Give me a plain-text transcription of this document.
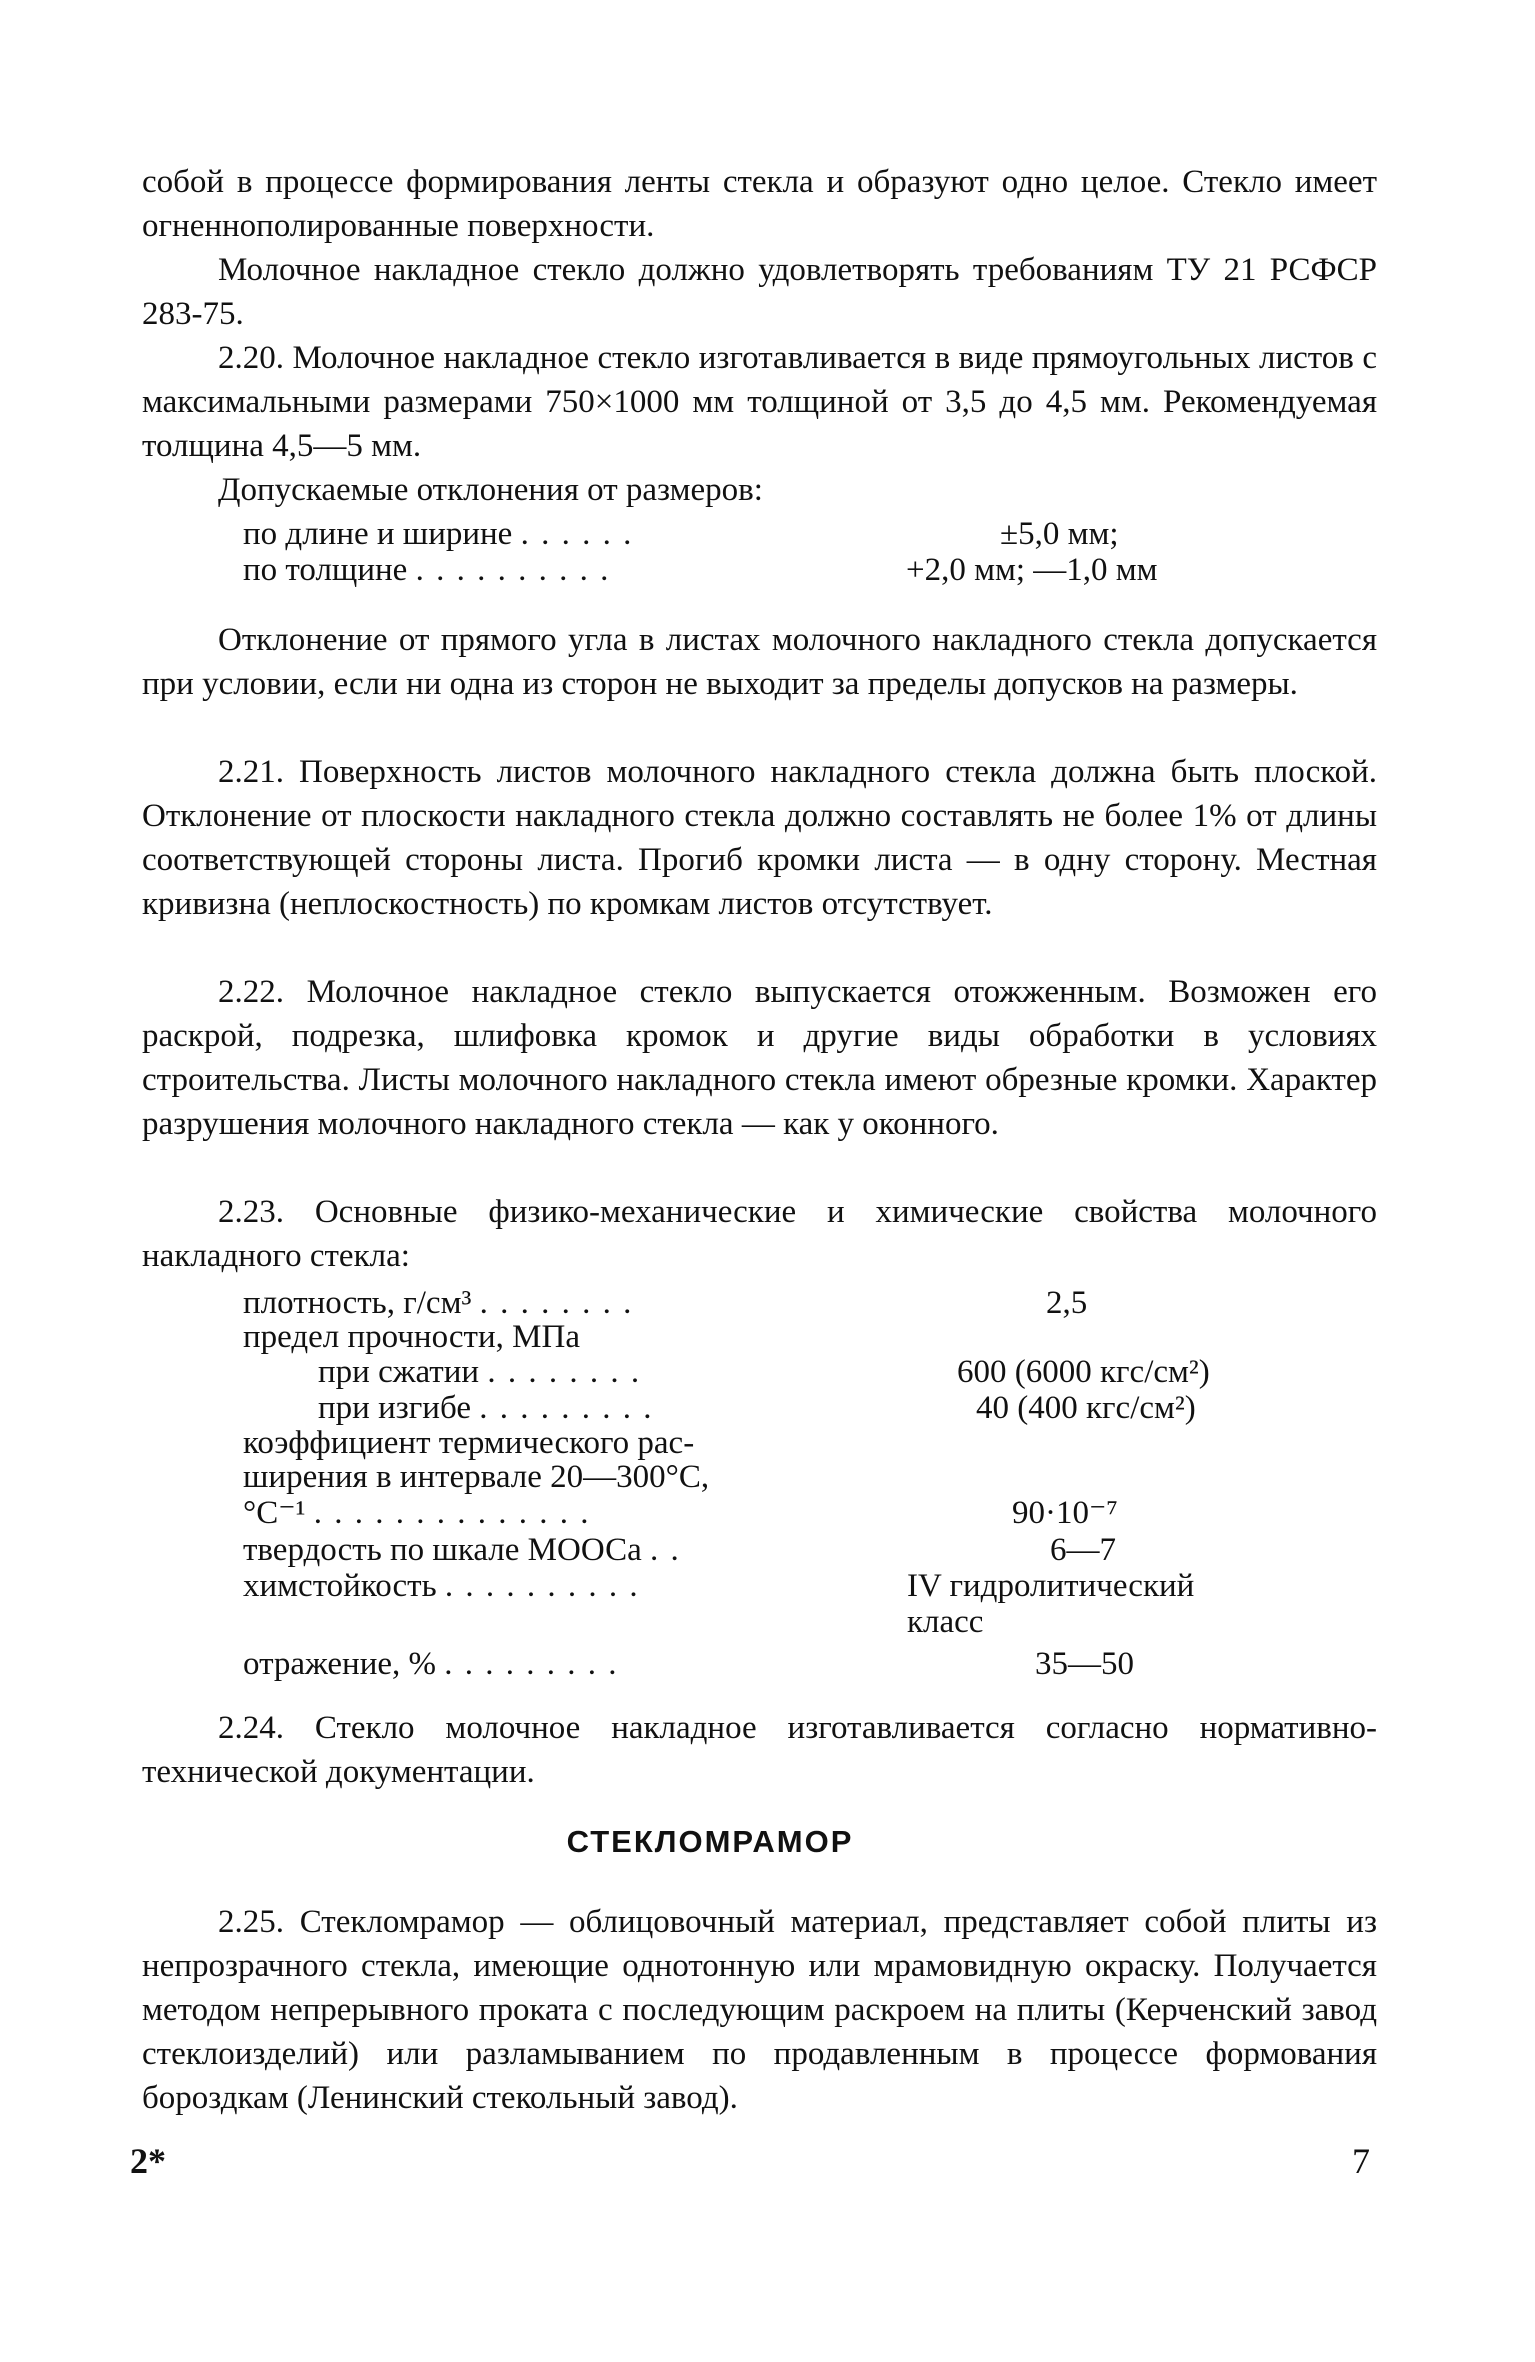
собой в процессе формирования ленты стекла и образуют одно целое. Стекло имеет огненнополированные поверхности.

Молочное накладное стекло должно удовлетворять требованиям ТУ 21 РСФСР 283-75.

2.20. Молочное накладное стекло изготавливается в виде прямоугольных листов с максимальными размерами 750×1000 мм толщиной от 3,5 до 4,5 мм. Рекомендуемая толщина 4,5—5 мм.

Допускаемые отклонения от размеров:

по длине и ширине . . . . . .	±5,0 мм;
по толщине . . . . . . . . . .	+2,0 мм; —1,0 мм

Отклонение от прямого угла в листах молочного накладного стекла допускается при условии, если ни одна из сторон не выходит за пределы допусков на размеры.

2.21. Поверхность листов молочного накладного стекла должна быть плоской. Отклонение от плоскости накладного стекла должно составлять не более 1% от длины соответствующей стороны листа. Прогиб кромки листа — в одну сторону. Местная кривизна (неплоскостность) по кромкам листов отсутствует.

2.22. Молочное накладное стекло выпускается отожженным. Возможен его раскрой, подрезка, шлифовка кромок и другие виды обработки в условиях строительства. Листы молочного накладного стекла имеют обрезные кромки. Характер разрушения молочного накладного стекла — как у оконного.

2.23. Основные физико-механические и химические свойства молочного накладного стекла:

плотность, г/см³ . . . . . . . .	2,5
предел прочности, МПа
при сжатии . . . . . . . .	600 (6000 кгс/см²)
при изгибе . . . . . . . . .	40 (400 кгс/см²)
коэффициент термического рас-
ширения в интервале 20—300°С,
°С⁻¹ . . . . . . . . . . . . . .	90·10⁻⁷
твердость по шкале МООСа . .	6—7
химстойкость . . . . . . . . . .	IV гидролитический
класс
отражение, % . . . . . . . . .	35—50

2.24. Стекло молочное накладное изготавливается согласно нормативно-технической документации.

СТЕКЛОМРАМОР

2.25. Стекломрамор — облицовочный материал, представляет собой плиты из непрозрачного стекла, имеющие однотонную или мрамовидную окраску. Получается методом непрерывного проката с последующим раскроем на плиты (Керченский завод стеклоизделий) или разламыванием по продавленным в процессе формования бороздкам (Ленинский стекольный завод).

2*	7
